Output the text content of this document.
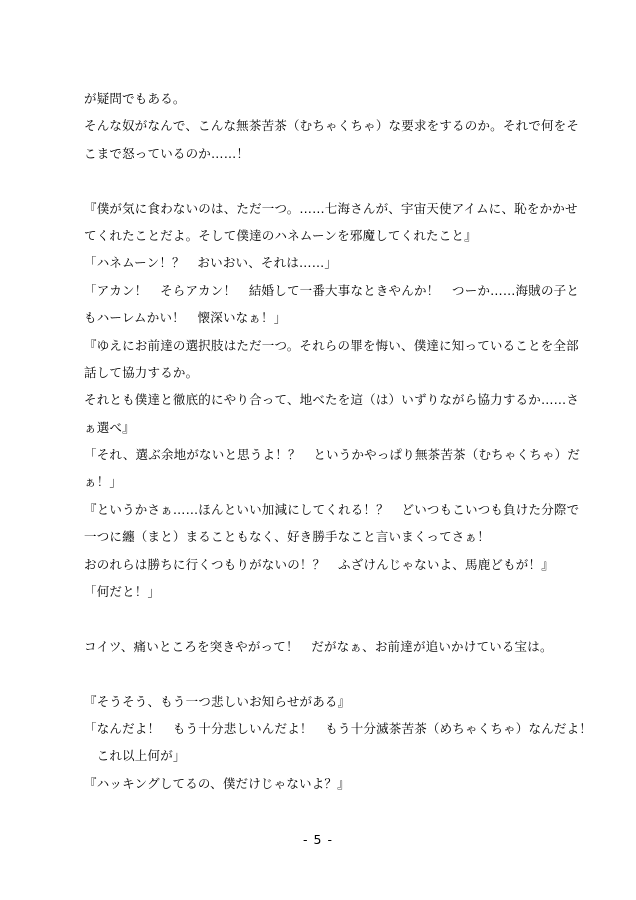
が疑問でもある。
そんな奴がなんで、こんな無茶苦茶（むちゃくちゃ）な要求をするのか。それで何をそ
こまで怒っているのか……！
『僕が気に食わないのは、ただ一つ。……七海さんが、宇宙天使アイムに、恥をかかせ
てくれたことだよ。そして僕達のハネムーンを邪魔してくれたこと』
「ハネムーン！？　おいおい、それは……」
「アカン！　そらアカン！　結婚して一番大事なときやんか！　つーか……海賊の子と
もハーレムかい！　懐深いなぁ！」
『ゆえにお前達の選択肢はただ一つ。それらの罪を悔い、僕達に知っていることを全部
話して協力するか。
それとも僕達と徹底的にやり合って、地べたを這（は）いずりながら協力するか……さ
ぁ選べ』
「それ、選ぶ余地がないと思うよ！？　というかやっぱり無茶苦茶（むちゃくちゃ）だ
ぁ！」
『というかさぁ……ほんといい加減にしてくれる！？　どいつもこいつも負けた分際で
一つに纏（まと）まることもなく、好き勝手なこと言いまくってさぁ！
おのれらは勝ちに行くつもりがないの！？　ふざけんじゃないよ、馬鹿どもが！』
「何だと！」
コイツ、痛いところを突きやがって！　だがなぁ、お前達が追いかけている宝は。
『そうそう、もう一つ悲しいお知らせがある』
「なんだよ！　もう十分悲しいんだよ！　もう十分滅茶苦茶（めちゃくちゃ）なんだよ！
　これ以上何が」
『ハッキングしてるの、僕だけじゃないよ？』
- 5 -
